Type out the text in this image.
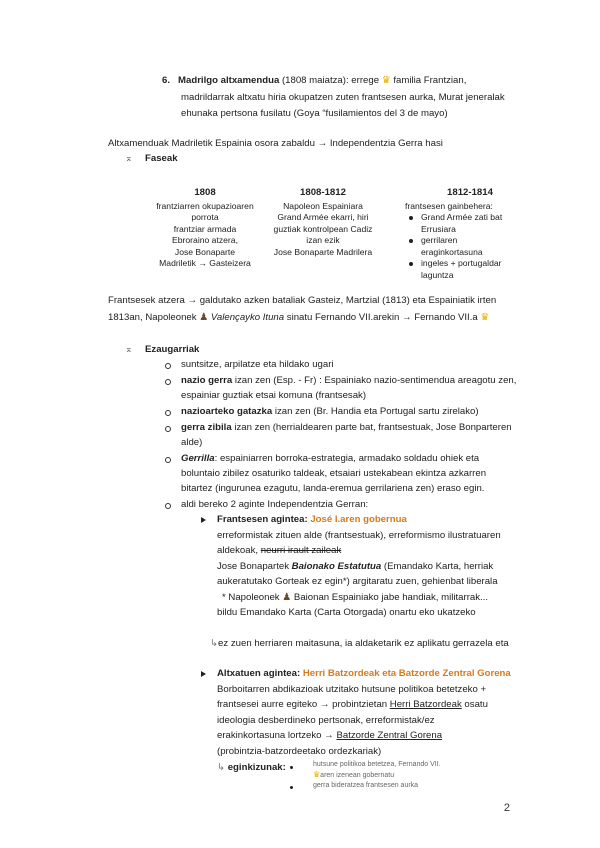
6. Madrilgo altxamendua (1808 maiatza): errege ♛ familia Frantzian,
madrildarrak altxatu hiria okupatzen zuten frantsesen aurka, Murat jeneralak
ehunaka pertsona fusilatu (Goya “fusilamientos del 3 de mayo)
Altxamenduak Madriletik Espainia osora zabaldu → Independentzia Gerra hasi
⌅ Faseak
1808
frantziarren okupazioaren
porrota
frantziar armada
Ebroraino atzera,
Jose Bonaparte
Madriletik → Gasteizera
1808-1812
Napoleon Espainiara
Grand Armée ekarri, hiri
guztiak kontrolpean Cadiz
izan ezik
Jose Bonaparte Madrilera
1812-1814
frantsesen gainbehera:
Grand Armée zati bat
Errusiara
gerrilaren
eraginkortasuna
ingeles + portugaldar
laguntza
Frantsesek atzera → galdutako azken bataliak Gasteiz, Martzial (1813) eta Espainiatik irten
1813an, Napoleonek ♟ Valençayko Ituna sinatu Fernando VII.arekin → Fernando VII.a ♛
⌅ Ezaugarriak
suntsitze, arpilatze eta hildako ugari
nazio gerra izan zen (Esp. - Fr) : Espainiako nazio-sentimendua areagotu zen,
espainiar guztiak etsai komuna (frantsesak)
nazioarteko gatazka izan zen (Br. Handia eta Portugal sartu zirelako)
gerra zibila izan zen (herrialdearen parte bat, frantsestuak, Jose Bonparteren
alde)
Gerrilla: espainiarren borroka-estrategia, armadako soldadu ohiek eta
boluntaio zibilez osaturiko taldeak, etsaiari ustekabean ekintza azkarren
bitartez (ingurunea ezagutu, landa-eremua gerrilariena zen) eraso egin.
aldi bereko 2 aginte Independentzia Gerran:
Frantsesen agintea: José I.aren gobernua
erreformistak zituen alde (frantsestuak), erreformismo ilustratuaren
aldekoak, neurri irault zaileak
Jose Bonapartek Baionako Estatutua (Emandako Karta, herriak
aukeratutako Gorteak ez egin*) argitaratu zuen, gehienbat liberala
* Napoleonek ♟ Baionan Espainiako jabe handiak, militarrak...
bildu Emandako Karta (Carta Otorgada) onartu eko ukatzeko
↳ez zuen herriaren maitasuna, ia aldaketarik ez aplikatu gerrazela eta
Altxatuen agintea: Herri Batzordeak eta Batzorde Zentral Gorena
Borboitarren abdikazioak utzitako hutsune politikoa betetzeko +
frantsesei aurre egiteko → probintzietan Herri Batzordeak osatu
ideologia desberdineko pertsonak, erreformistak/ez
erakinkortasuna lortzeko → Batzorde Zentral Gorena
(probintzia-batzordeetako ordezkariak)
↳ eginkizunak:	hutsune politikoa betetzea, Fernando VII.
♛aren izenean gobernatu
gerra bideratzea frantsesen aurka
2
